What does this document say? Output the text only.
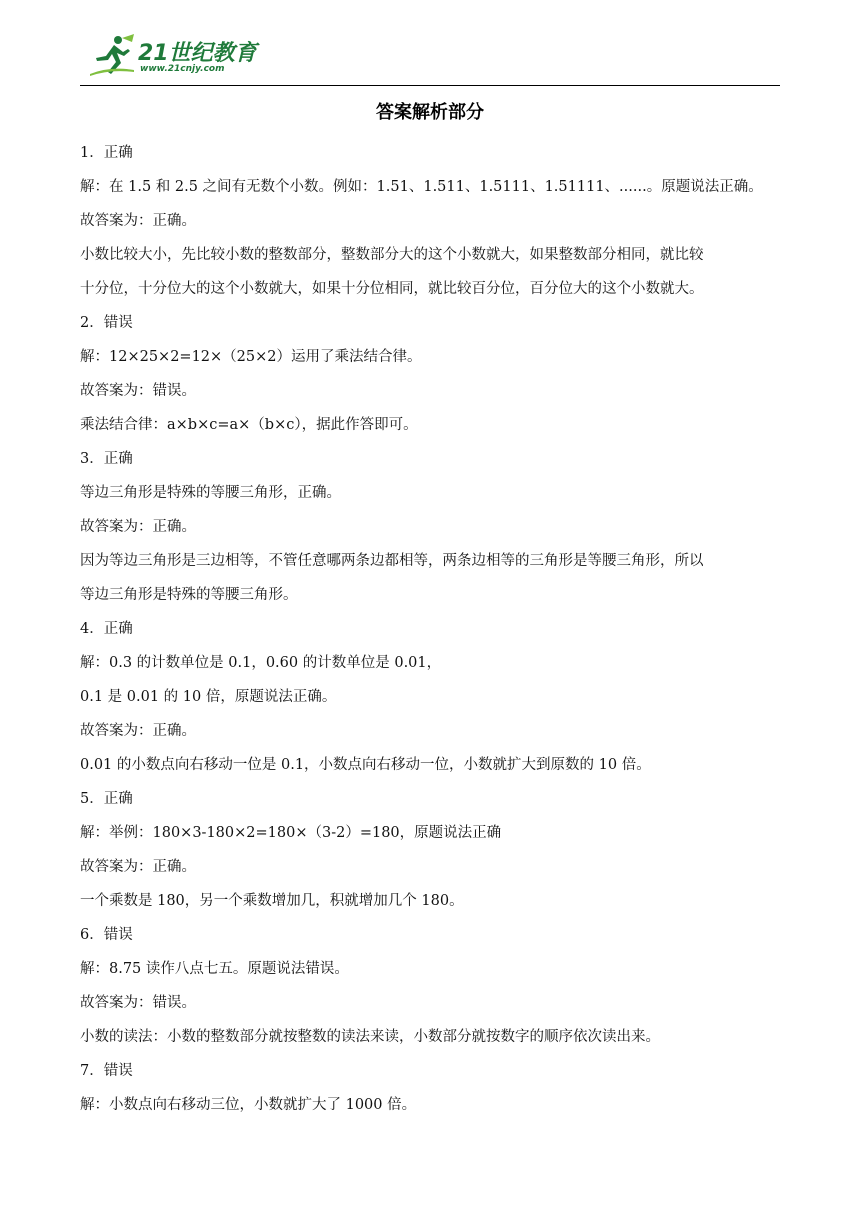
21世纪教育
www.21cnjy.com
答案解析部分
1．正确
解：在 1.5 和 2.5 之间有无数个小数。例如：1.51、1.511、1.5111、1.51111、......。原题说法正确。
故答案为：正确。
小数比较大小，先比较小数的整数部分，整数部分大的这个小数就大，如果整数部分相同，就比较
十分位，十分位大的这个小数就大，如果十分位相同，就比较百分位，百分位大的这个小数就大。
2．错误
解：12×25×2=12×（25×2）运用了乘法结合律。
故答案为：错误。
乘法结合律：a×b×c=a×（b×c），据此作答即可。
3．正确
等边三角形是特殊的等腰三角形，正确。
故答案为：正确。
因为等边三角形是三边相等，不管任意哪两条边都相等，两条边相等的三角形是等腰三角形，所以
等边三角形是特殊的等腰三角形。
4．正确
解：0.3 的计数单位是 0.1，0.60 的计数单位是 0.01，
0.1 是 0.01 的 10 倍，原题说法正确。
故答案为：正确。
0.01 的小数点向右移动一位是 0.1，小数点向右移动一位，小数就扩大到原数的 10 倍。
5．正确
解：举例：180×3-180×2=180×（3-2）=180，原题说法正确
故答案为：正确。
一个乘数是 180，另一个乘数增加几，积就增加几个 180。
6．错误
解：8.75 读作八点七五。原题说法错误。
故答案为：错误。
小数的读法：小数的整数部分就按整数的读法来读，小数部分就按数字的顺序依次读出来。
7．错误
解：小数点向右移动三位，小数就扩大了 1000 倍。
